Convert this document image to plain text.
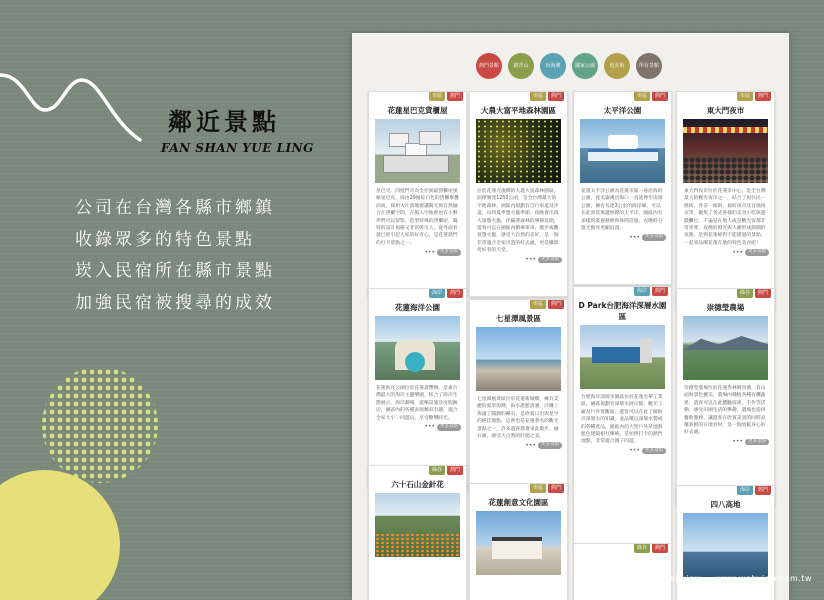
鄰近景點
FAN SHAN YUE LING
公司在台灣各縣市鄉鎮
收錄眾多的特色景點
崁入民宿所在縣市景點
加強民宿被搜尋的成效
熱門景點	踏青山	玩海濱	國家公園	逛美術	所有景點
市區	熱門
花蓮星巴克貨櫃屋
星巴克．四壁門市為全亞洲最貨櫃屋風格星巴克，採由29個棕白色的貨櫃堆疊而成，採用大片落地窗讓陽光與自然融合在貨櫃空間，在館入空地裡也有小夥伴們可以留影，造型特殊的貨櫃屋，獨特的設計風格又非常吸引人，從外面看就已經引起大家的好奇心，是花蓮熱門的打卡景點之一。
•••	更多景點
市區	熱門
大農大富平地森林園區
位於花蓮光復鄉的大農大富森林園區，面積廣達1250公頃，是全台灣最大的平地森林，園區內規劃有自行車道及步道，每到夏季螢火蟲季節，夜晚會出現大量螢火蟲，伴隨著森林的寧靜氛圍，遊客可以在園區內騎乘單車、散步或觀賞螢火蟲，感受大自然的美好，是一個非常適合全家出遊的好去處，更是攝影愛好者的天堂。
•••	更多景點
市區	熱門
太平洋公園
花蓮太平洋公園為花蓮市區一座沿海的公園，從美崙溪出海口一直延伸至南濱公園，擁有長達3公里的海岸線，可以在此欣賞無邊無際的太平洋，園區內有多樣的裝置藝術和休閒設施，夜晚時分燈光點亮更顯浪漫。
•••	更多景點
市區	熱門
東大門夜市
東大門夜市位於花蓮市中心，是全台灣最大的觀光夜市之一，結合了原住民一條街、各省一條街、福町夜市及自強夜市等，聚集了各式各樣的美食小吃與遊戲攤位，不論是在地人或是觀光客都非常喜愛，夜晚的燈光與人潮形成熱鬧的氛圍，是到花蓮絕對不能錯過的景點，一起來品嚐花蓮在地的特色美食吧！
•••	更多景點
海岸	熱門
花蓮海洋公園
花蓮海洋公園位於花蓮壽豐鄉，是東台灣最大的海洋主題樂園，結合了海洋生態展示、海洋劇場、遊樂設施及度假飯店，園區內的各種表演精彩有趣，適合全家大小一同遊玩，享受歡樂時光。
•••	更多景點
市區	熱門
七星潭風景區
七星潭風景區位於花蓮新城鄉，擁有美麗的弧形海灣，海水湛藍清澈，沙灘上佈滿了圓潤的礫石，是欣賞日出與星空的絕佳地點，這裡也是花蓮著名的觀光景點之一，許多遊客都會來此散步、撿石頭，感受大自然的壯闊之美。
•••	更多景點
海岸	熱門
D Park台肥海洋深層水園區
台肥海洋深層水園區位於花蓮光華工業區，園區規劃有深層水展示館、觀光工廠及戶外景觀區，遊客可以在此了解海洋深層水的知識，並品嚐以深層水製成的各種產品，園區內的大型戶外草地與藍色建築相互輝映，是拍照打卡的熱門地點，非常適合親子同遊。
•••	更多景點
綠谷	熱門
崇德瑩農場
崇德瑩農場位於花蓮秀林鄉崇德，背山面海景色優美，農場內種植各種有機蔬果，遊客可以在此體驗採果、手作等活動，感受田園生活的樂趣，農場也提供餐飲服務，讓遊客在欣賞美景的同時品嚐新鮮的在地食材，是一個放鬆身心的好去處。
•••	更多景點
綠谷	熱門
六十石山金針花	市區	熱門
花蓮創意文化園區
綠谷	熱門
海岸	熱門
四八高地
webview www.webview.com.tw
